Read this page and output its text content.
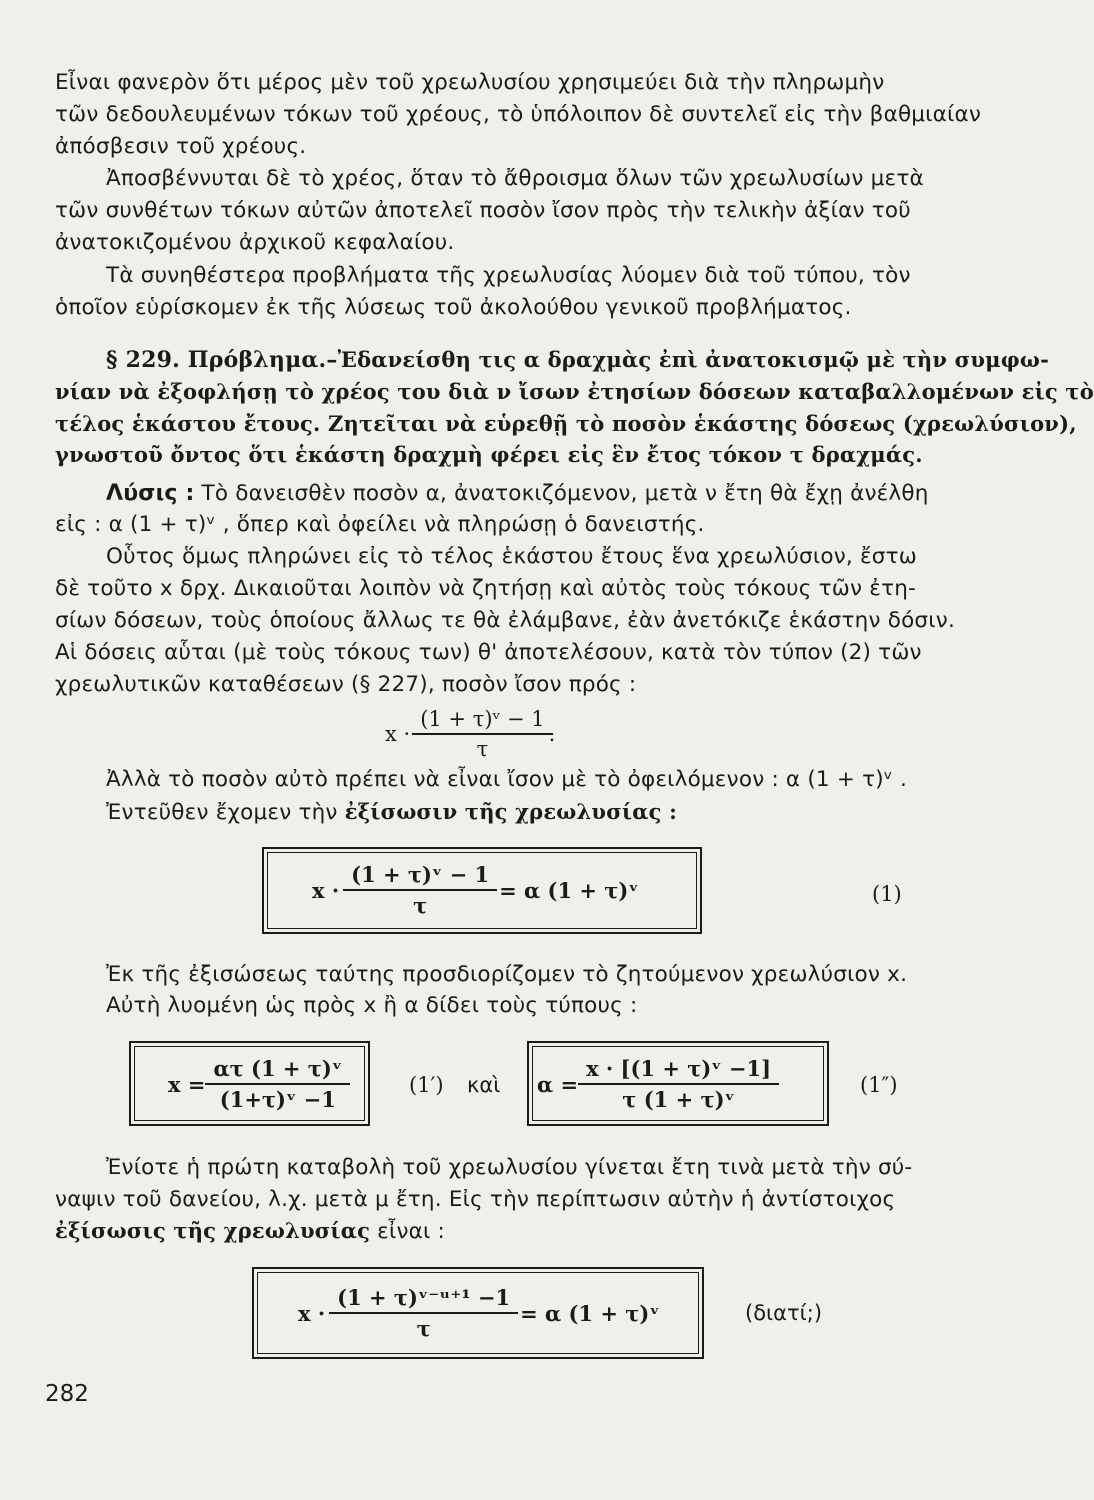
Εἶναι φανερὸν ὅτι μέρος μὲν τοῦ χρεωλυσίου χρησιμεύει διὰ τὴν πληρωμὴν
τῶν δεδουλευμένων τόκων τοῦ χρέους, τὸ ὑπόλοιπον δὲ συντελεῖ εἰς τὴν βαθμιαίαν
ἀπόσβεσιν τοῦ χρέους.
Ἀποσβέννυται δὲ τὸ χρέος, ὅταν τὸ ἄθροισμα ὅλων τῶν χρεωλυσίων μετὰ
τῶν συνθέτων τόκων αὐτῶν ἀποτελεῖ ποσὸν ἴσον πρὸς τὴν τελικὴν ἀξίαν τοῦ
ἀνατοκιζομένου ἀρχικοῦ κεφαλαίου.
Τὰ συνηθέστερα προβλήματα τῆς χρεωλυσίας λύομεν διὰ τοῦ τύπου, τὸν
ὁποῖον εὑρίσκομεν ἐκ τῆς λύσεως τοῦ ἀκολούθου γενικοῦ προβλήματος.
§ 229. Πρόβλημα.–Ἐδανείσθη τις α δραχμὰς ἐπὶ ἀνατοκισμῷ μὲ τὴν συμφω-
νίαν νὰ ἐξοφλήσῃ τὸ χρέος του διὰ ν ἴσων ἐτησίων δόσεων καταβαλλομένων εἰς τὸ
τέλος ἑκάστου ἔτους. Ζητεῖται νὰ εὑρεθῇ τὸ ποσὸν ἑκάστης δόσεως (χρεωλύσιον),
γνωστοῦ ὄντος ὅτι ἑκάστη δραχμὴ φέρει εἰς ἓν ἔτος τόκον τ δραχμάς.
Λύσις : Τὸ δανεισθὲν ποσὸν α, ἀνατοκιζόμενον, μετὰ ν ἔτη θὰ ἔχῃ ἀνέλθη
εἰς : α (1 + τ)ᵛ , ὅπερ καὶ ὀφείλει νὰ πληρώσῃ ὁ δανειστής.
Οὗτος ὅμως πληρώνει εἰς τὸ τέλος ἑκάστου ἔτους ἕνα χρεωλύσιον, ἔστω
δὲ τοῦτο x δρχ. Δικαιοῦται λοιπὸν νὰ ζητήσῃ καὶ αὐτὸς τοὺς τόκους τῶν ἐτη-
σίων δόσεων, τοὺς ὁποίους ἄλλως τε θὰ ἐλάμβανε, ἐὰν ἀνετόκιζε ἑκάστην δόσιν.
Αἱ δόσεις αὗται (μὲ τοὺς τόκους των) θ' ἀποτελέσουν, κατὰ τὸν τύπον (2) τῶν
χρεωλυτικῶν καταθέσεων (§ 227), ποσὸν ἴσον πρός :
$x \cdot \frac{\text{(1 + τ)ᵛ − 1}}{\tau}$ .
Ἀλλὰ τὸ ποσὸν αὐτὸ πρέπει νὰ εἶναι ἴσον μὲ τὸ ὀφειλόμενον : α (1 + τ)ᵛ .
Ἐντεῦθεν ἔχομεν τὴν ἐξίσωσιν τῆς χρεωλυσίας :
$x \cdot \frac{\text{(1 + τ)ᵛ − 1}}{\tau} = \alpha$ (1 + τ)ᵛ	(1)
Ἐκ τῆς ἐξισώσεως ταύτης προσδιορίζομεν τὸ ζητούμενον χρεωλύσιον x.
Αὐτὴ λυομένη ὡς πρὸς x ἢ α δίδει τοὺς τύπους :
$x = \frac{\text{ατ (1 + τ)ᵛ}}{\text{(1+τ)ᵛ −1}}$	(1′) καὶ $\alpha = \frac{\text{x · [(1 + τ)ᵛ −1]}}{\text{τ (1 + τ)ᵛ}}$	(1″)
Ἐνίοτε ἡ πρώτη καταβολὴ τοῦ χρεωλυσίου γίνεται ἔτη τινὰ μετὰ τὴν σύ-
ναψιν τοῦ δανείου, λ.χ. μετὰ μ ἔτη. Εἰς τὴν περίπτωσιν αὐτὴν ἡ ἀντίστοιχος
ἐξίσωσις τῆς χρεωλυσίας εἶναι :
$x \cdot \frac{\text{(1 + τ)ᵛ⁻ᵘ⁺¹ −1}}{\tau} = \alpha$ (1 + τ)ᵛ	(διατί;)
282
